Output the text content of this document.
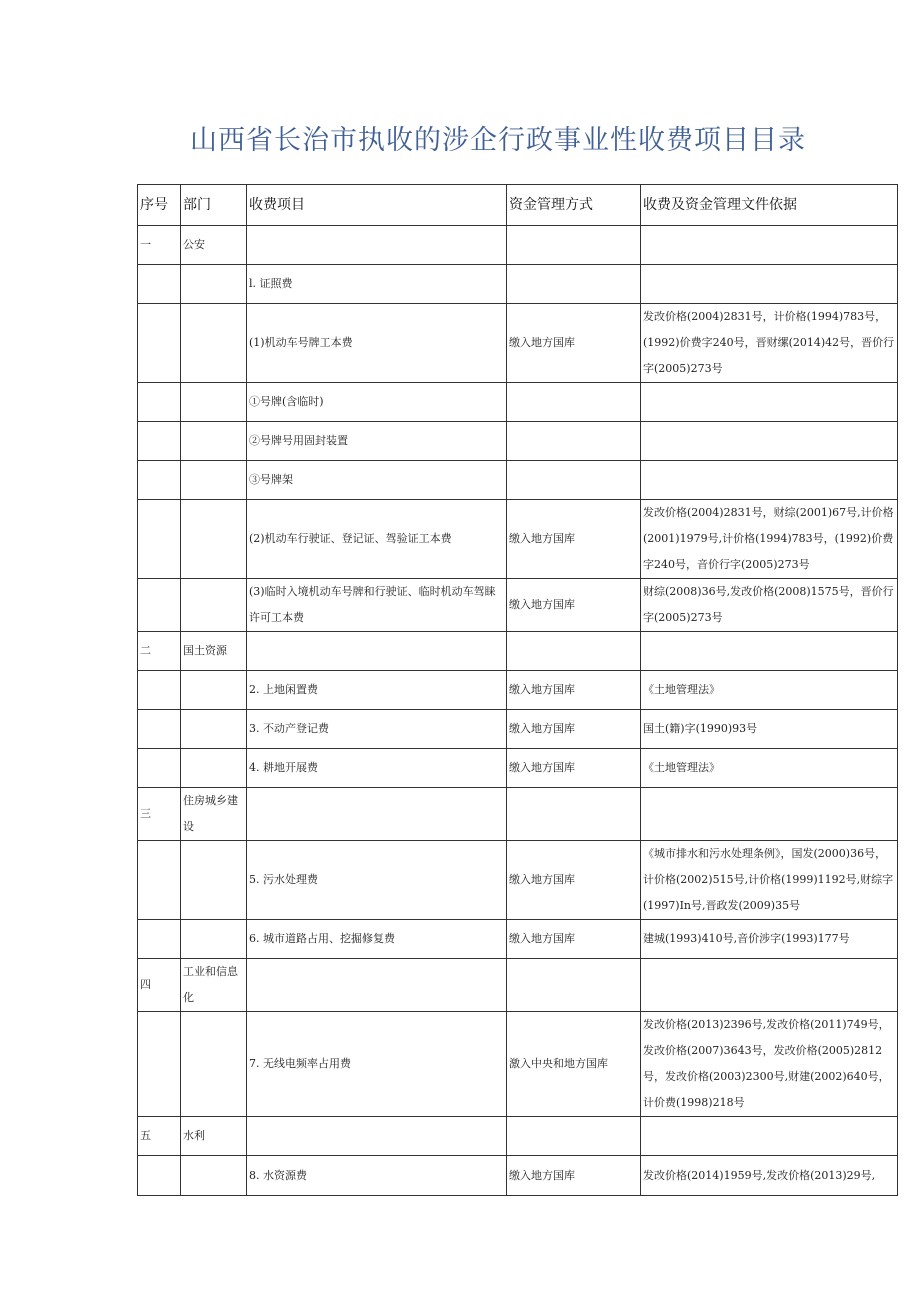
山西省长治市执收的涉企行政事业性收费项目目录
序号	部门	收费项目	资金管理方式	收费及资金管理文件依据
一	公安			
		l. 证照费		
		(1)机动车号牌工本费	缴入地方国库	发改价格(2004)2831号，计价格(1994)783号，(1992)价费字240号，晋财缧(2014)42号，晋价行字(2005)273号
		①号牌(含临时)		
		②号牌号用固封装置		
		③号牌架		
		(2)机动车行驶证、登记证、驾验证工本费	缴入地方国库	发改价格(2004)2831号，财综(2001)67号,计价格(2001)1979号,计价格(1994)783号，(1992)价费字240号，音价行字(2005)273号
		(3)临时入境机动车号牌和行驶证、临时机动车驾睐许可工本费	缴入地方国库	财综(2008)36号,发改价格(2008)1575号，晋价行字(2005)273号
二	国土资源			
		2. 上地闲置费	缴入地方国库	《土地管理法》
		3. 不动产登记费	缴入地方国库	国土(籍)字(1990)93号
		4. 耕地开展费	缴入地方国库	《土地管理法》
三	住房城乡建设			
		5. 污水处理费	缴入地方国库	《城市排水和污水处理条例》，国发(2000)36号，计价格(2002)515号,计价格(1999)1192号,财综字(1997)In号,晋政发(2009)35号
		6. 城市道路占用、挖掘修复费	缴入地方国库	建城(1993)410号,音价涉字(1993)177号
四	工业和信息化			
		7. 无线电频率占用费	激入中央和地方国库	发改价格(2013)2396号,发改价格(2011)749号，发改价格(2007)3643号，发改价格(2005)2812号，发改价格(2003)2300号,财建(2002)640号，计价费(1998)218号
五	水利			
		8. 水资源费	缴入地方国库	发改价格(2014)1959号,发改价格(2013)29号,
